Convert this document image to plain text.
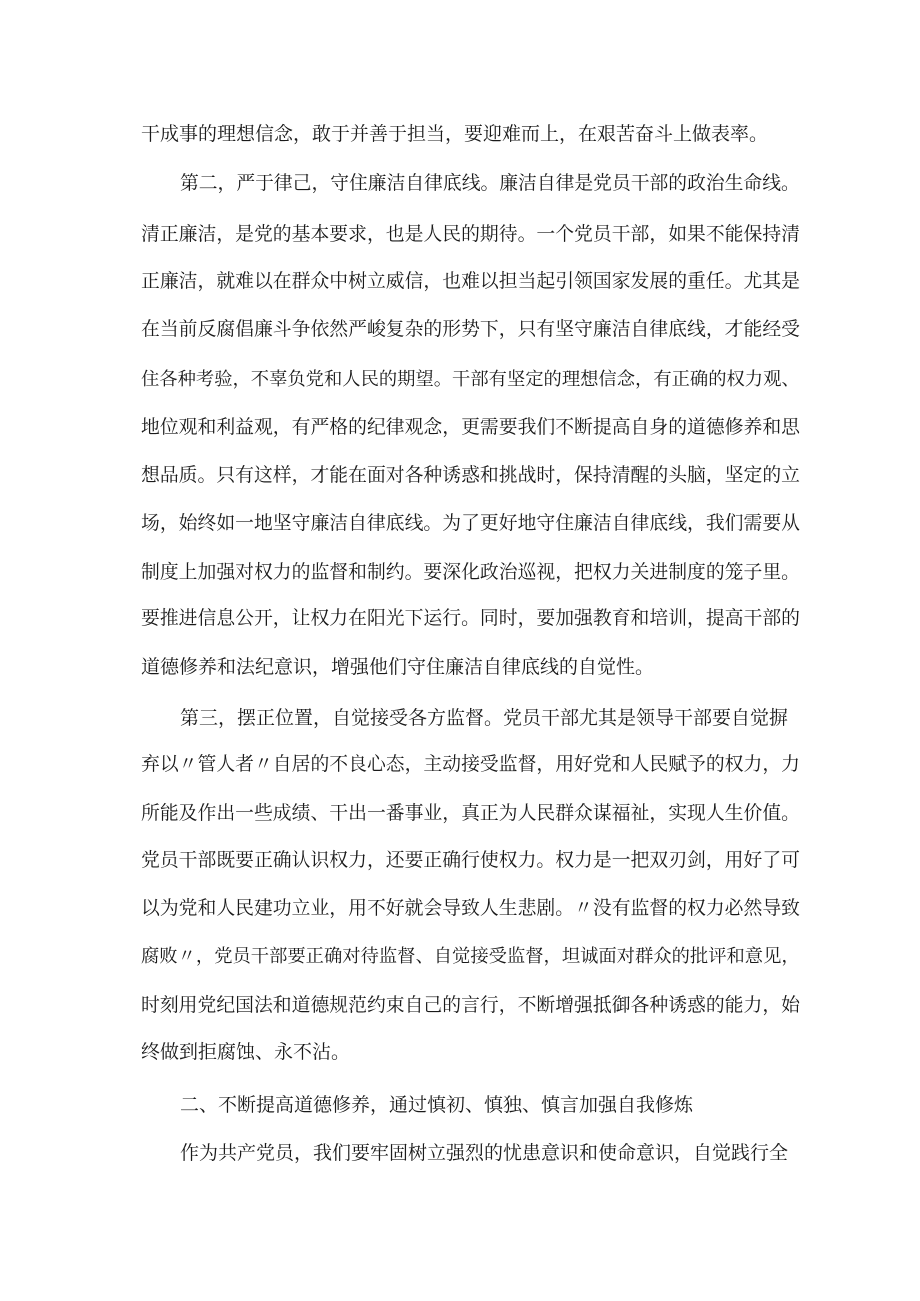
干成事的理想信念，敢于并善于担当，要迎难而上，在艰苦奋斗上做表率。
第二，严于律己，守住廉洁自律底线。廉洁自律是党员干部的政治生命线。
清正廉洁，是党的基本要求，也是人民的期待。一个党员干部，如果不能保持清
正廉洁，就难以在群众中树立威信，也难以担当起引领国家发展的重任。尤其是
在当前反腐倡廉斗争依然严峻复杂的形势下，只有坚守廉洁自律底线，才能经受
住各种考验，不辜负党和人民的期望。干部有坚定的理想信念，有正确的权力观、
地位观和利益观，有严格的纪律观念，更需要我们不断提高自身的道德修养和思
想品质。只有这样，才能在面对各种诱惑和挑战时，保持清醒的头脑，坚定的立
场，始终如一地坚守廉洁自律底线。为了更好地守住廉洁自律底线，我们需要从
制度上加强对权力的监督和制约。要深化政治巡视，把权力关进制度的笼子里。
要推进信息公开，让权力在阳光下运行。同时，要加强教育和培训，提高干部的
道德修养和法纪意识，增强他们守住廉洁自律底线的自觉性。
第三，摆正位置，自觉接受各方监督。党员干部尤其是领导干部要自觉摒
弃以〃管人者〃自居的不良心态，主动接受监督，用好党和人民赋予的权力，力
所能及作出一些成绩、干出一番事业，真正为人民群众谋福祉，实现人生价值。
党员干部既要正确认识权力，还要正确行使权力。权力是一把双刃剑，用好了可
以为党和人民建功立业，用不好就会导致人生悲剧。〃没有监督的权力必然导致
腐败〃，党员干部要正确对待监督、自觉接受监督，坦诚面对群众的批评和意见，
时刻用党纪国法和道德规范约束自己的言行，不断增强抵御各种诱惑的能力，始
终做到拒腐蚀、永不沾。
二、不断提高道德修养，通过慎初、慎独、慎言加强自我修炼
作为共产党员，我们要牢固树立强烈的忧患意识和使命意识，自觉践行全
